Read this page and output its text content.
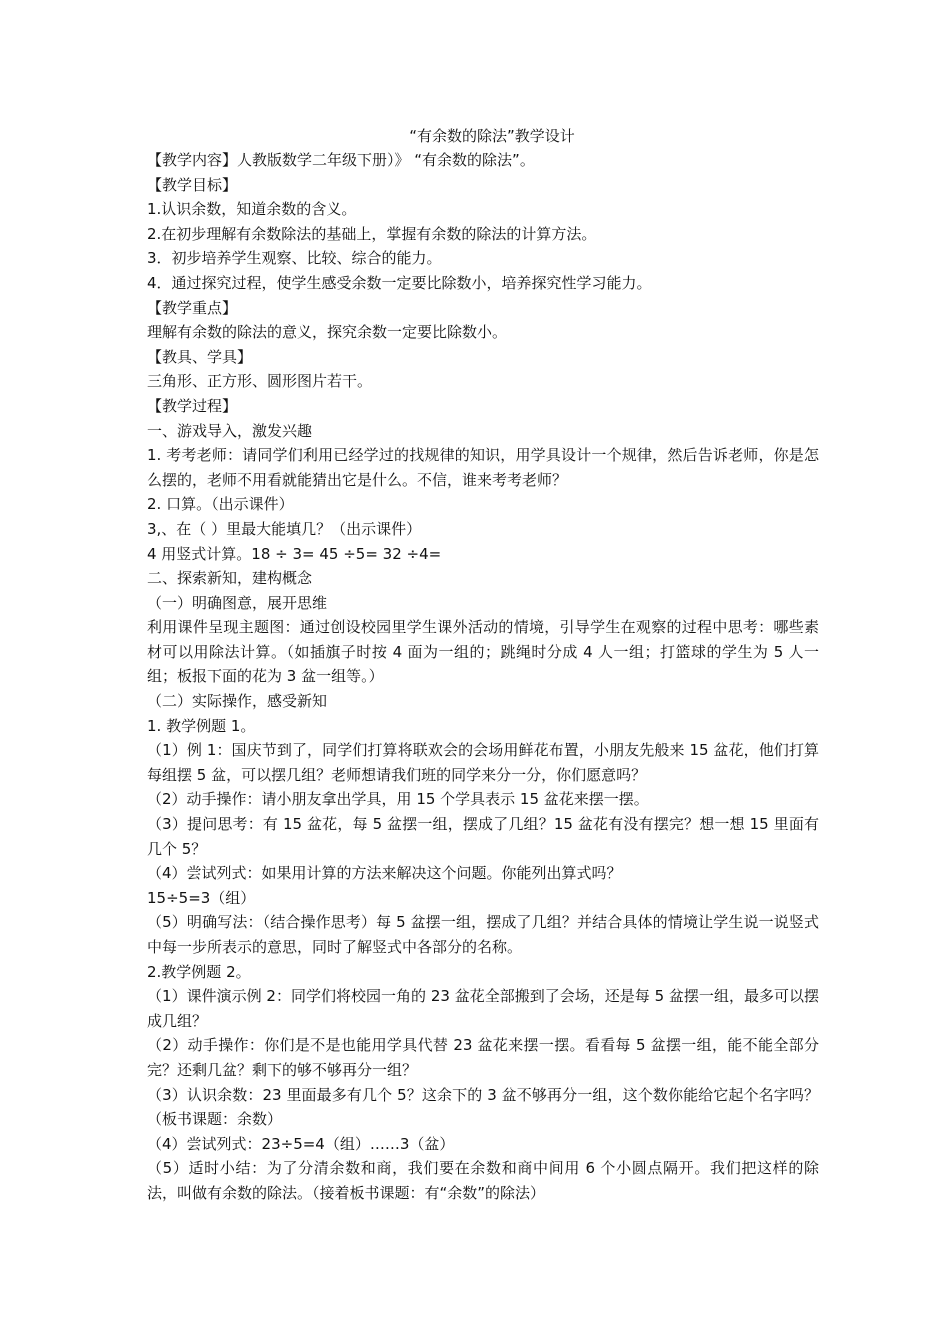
“有余数的除法”教学设计

【教学内容】人教版数学二年级下册）》 “有余数的除法”。

【教学目标】

1.认识余数，知道余数的含义。

2.在初步理解有余数除法的基础上，掌握有余数的除法的计算方法。

3．初步培养学生观察、比较、综合的能力。

4．通过探究过程，使学生感受余数一定要比除数小，培养探究性学习能力。

【教学重点】

理解有余数的除法的意义，探究余数一定要比除数小。

【教具、学具】

三角形、正方形、圆形图片若干。

【教学过程】

一、游戏导入，激发兴趣

1. 考考老师：请同学们利用已经学过的找规律的知识，用学具设计一个规律，然后告诉老师，你是怎么摆的，老师不用看就能猜出它是什么。不信，谁来考考老师？

2. 口算。（出示课件）

3,、在（ ）里最大能填几？（出示课件）

4 用竖式计算。18 ÷ 3= 45 ÷5= 32 ÷4=

二、探索新知，建构概念

（一）明确图意，展开思维

利用课件呈现主题图：通过创设校园里学生课外活动的情境，引导学生在观察的过程中思考：哪些素材可以用除法计算。（如插旗子时按 4 面为一组的；跳绳时分成 4 人一组；打篮球的学生为 5 人一组；板报下面的花为 3 盆一组等。）

（二）实际操作，感受新知

1. 教学例题 1。

（1）例 1：国庆节到了，同学们打算将联欢会的会场用鲜花布置，小朋友先般来 15 盆花，他们打算每组摆 5 盆，可以摆几组？老师想请我们班的同学来分一分，你们愿意吗？

（2）动手操作：请小朋友拿出学具，用 15 个学具表示 15 盆花来摆一摆。

（3）提问思考：有 15 盆花，每 5 盆摆一组，摆成了几组？15 盆花有没有摆完？想一想 15 里面有几个 5？

（4）尝试列式：如果用计算的方法来解决这个问题。你能列出算式吗？

15÷5=3（组）

（5）明确写法：（结合操作思考）每 5 盆摆一组，摆成了几组？并结合具体的情境让学生说一说竖式中每一步所表示的意思，同时了解竖式中各部分的名称。

2.教学例题 2。

（1）课件演示例 2：同学们将校园一角的 23 盆花全部搬到了会场，还是每 5 盆摆一组，最多可以摆成几组？

（2）动手操作：你们是不是也能用学具代替 23 盆花来摆一摆。看看每 5 盆摆一组，能不能全部分完？还剩几盆？剩下的够不够再分一组？

（3）认识余数：23 里面最多有几个 5？这余下的 3 盆不够再分一组，这个数你能给它起个名字吗？（板书课题：余数）

（4）尝试列式：23÷5=4（组）……3（盆）

（5）适时小结：为了分清余数和商，我们要在余数和商中间用 6 个小圆点隔开。我们把这样的除法，叫做有余数的除法。（接着板书课题：有“余数”的除法）
